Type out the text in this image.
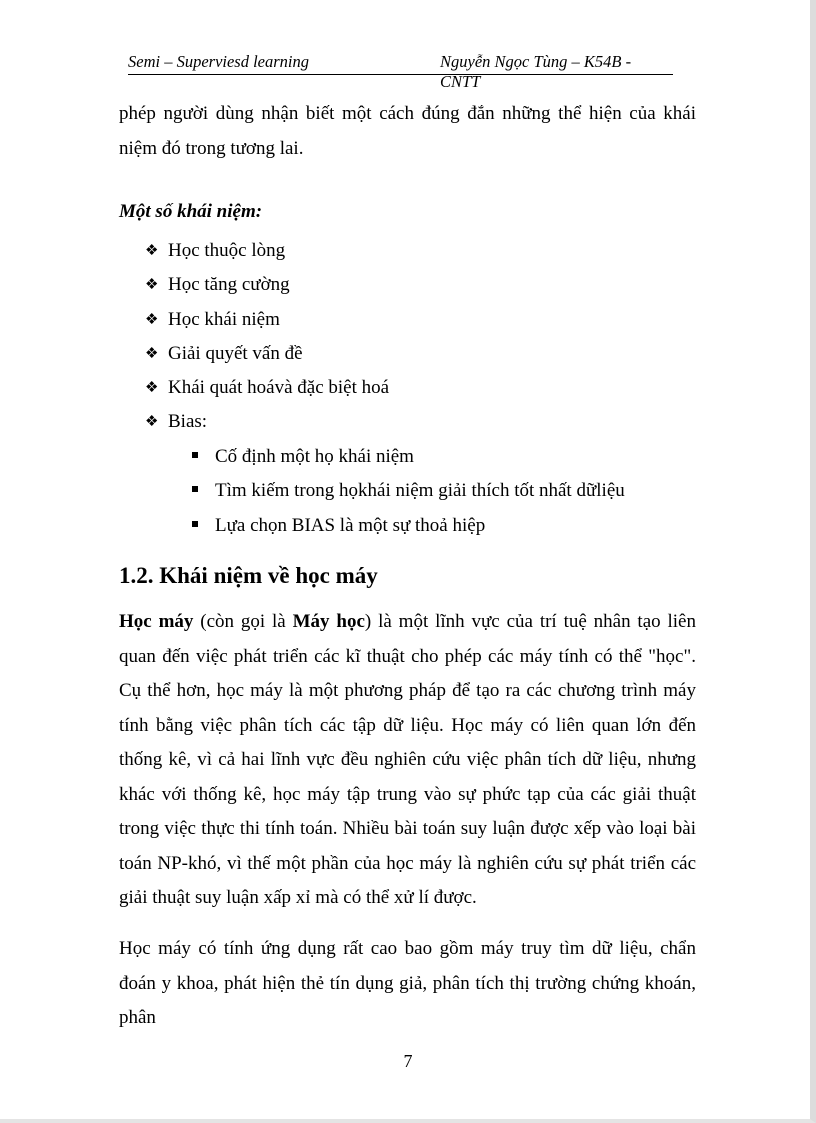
Semi – Superviesd learning	Nguyễn Ngọc Tùng – K54B - CNTT
phép người dùng nhận biết một cách đúng đắn những thể hiện của khái niệm đó trong tương lai.
Một số khái niệm:
❖ Học thuộc lòng
❖ Học tăng cường
❖ Học khái niệm
❖ Giải quyết vấn đề
❖ Khái quát hoávà đặc biệt hoá
❖ Bias:
Cố định một họ khái niệm
Tìm kiếm trong họkhái niệm giải thích tốt nhất dữliệu
Lựa chọn BIAS là một sự thoả hiệp
1.2. Khái niệm về học máy
Học máy (còn gọi là Máy học) là một lĩnh vực của trí tuệ nhân tạo liên quan đến việc phát triển các kĩ thuật cho phép các máy tính có thể "học". Cụ thể hơn, học máy là một phương pháp để tạo ra các chương trình máy tính bằng việc phân tích các tập dữ liệu. Học máy có liên quan lớn đến thống kê, vì cả hai lĩnh vực đều nghiên cứu việc phân tích dữ liệu, nhưng khác với thống kê, học máy tập trung vào sự phức tạp của các giải thuật trong việc thực thi tính toán. Nhiều bài toán suy luận được xếp vào loại bài toán NP-khó, vì thế một phần của học máy là nghiên cứu sự phát triển các giải thuật suy luận xấp xỉ mà có thể xử lí được.
Học máy có tính ứng dụng rất cao bao gồm máy truy tìm dữ liệu, chẩn đoán y khoa, phát hiện thẻ tín dụng giả, phân tích thị trường chứng khoán, phân
7
